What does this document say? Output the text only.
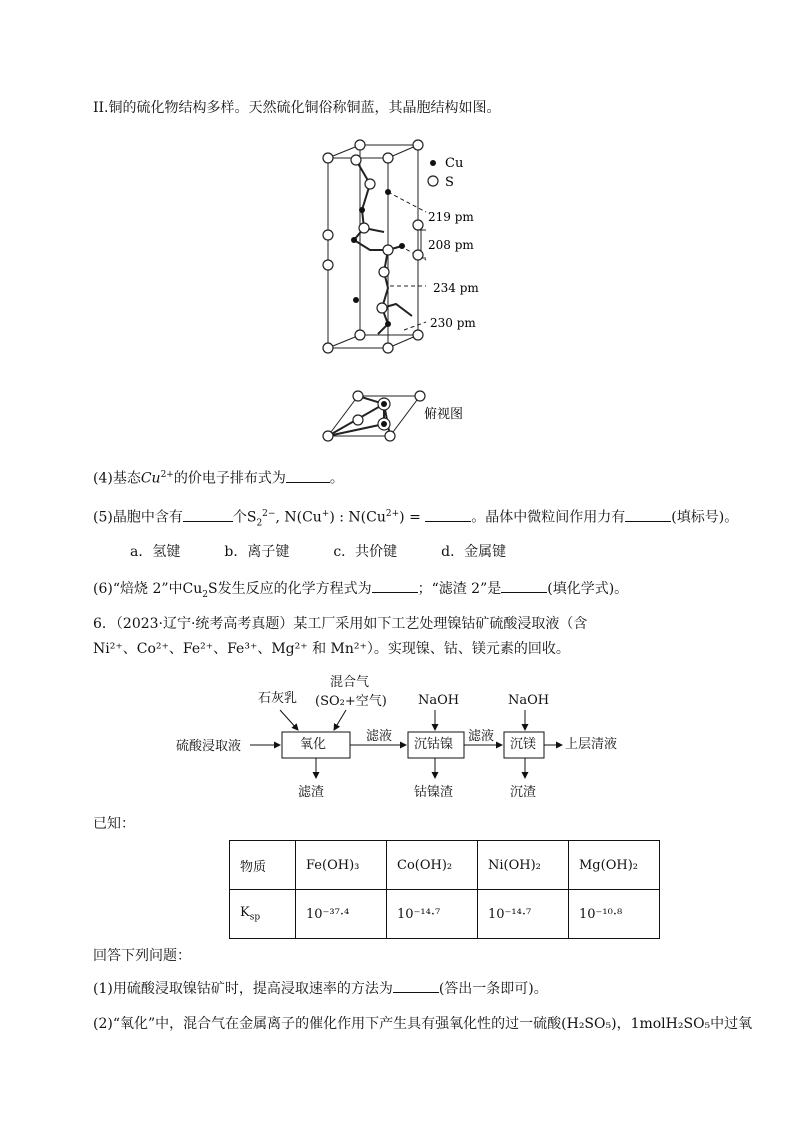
II.铜的硫化物结构多样。天然硫化铜俗称铜蓝，其晶胞结构如图。
Cu
S
219 pm
208 pm
234 pm
230 pm
俯视图
(4)基态$Cu^{2+}$的价电子排布式为	。
(5)晶胞中含有	个$S_2^{2-}$, N(Cu+) : $N(Cu^{2+})$ =	。晶体中微粒间作用力有	(填标号)。
a．氢键	b．离子键	c．共价键	d．金属键
(6)“焙烧 2”中$Cu_2S$发生反应的化学方程式为	；“滤渣 2”是	(填化学式)。
6．（2023·辽宁·统考高考真题）某工厂采用如下工艺处理镍钴矿硫酸浸取液（含
Ni²⁺、Co²⁺、Fe²⁺、Fe³⁺、Mg²⁺ 和 Mn²⁺）。实现镍、钴、镁元素的回收。
硫酸浸取液
石灰乳
混合气
(SO₂+空气)
氧化
滤渣
滤液
NaOH
沉钴镍
钴镍渣
滤液
NaOH
沉镁
沉渣
上层清液
已知：
物质	Fe(OH)₃	Co(OH)₂	Ni(OH)₂	Mg(OH)₂
$K_{sp}$	10⁻³⁷·⁴	10⁻¹⁴·⁷	10⁻¹⁴·⁷	10⁻¹⁰·⁸
回答下列问题：
(1)用硫酸浸取镍钴矿时，提高浸取速率的方法为	(答出一条即可)。
(2)“氧化”中，混合气在金属离子的催化作用下产生具有强氧化性的过一硫酸(H₂SO₅)，1molH₂SO₅中过氧
